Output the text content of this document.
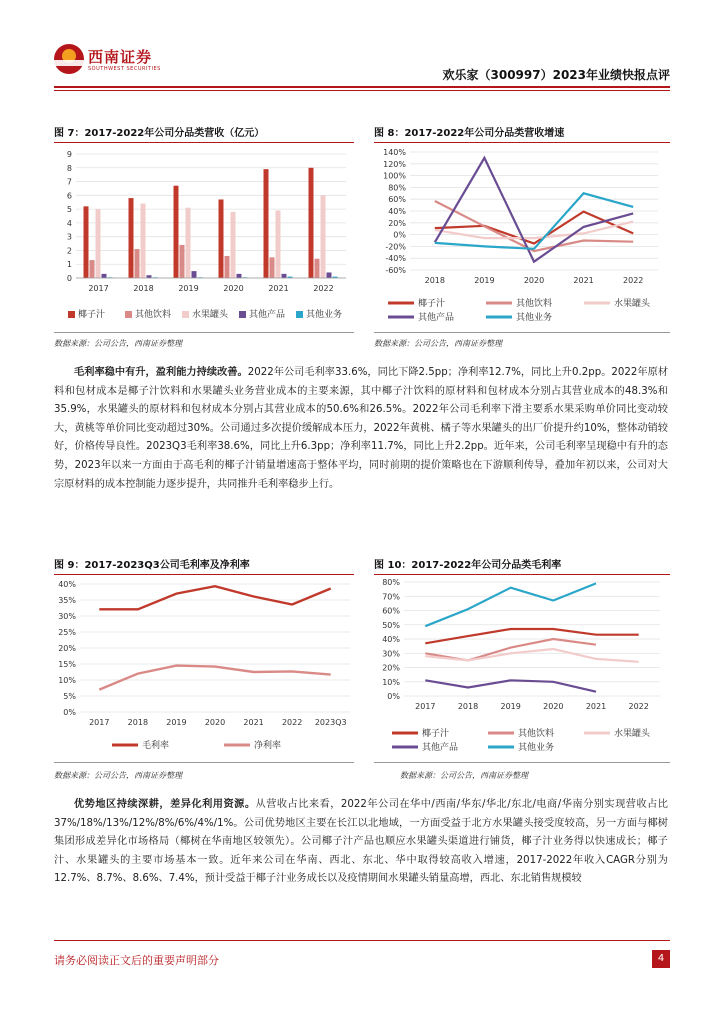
西南证券
SOUTHWEST SECURITIES	欢乐家（300997）2023年业绩快报点评
图 7：2017-2022年公司分品类营收（亿元）
0
1
2
3
4
5
6
7
8
9
2017	2018	2019	2020	2021	2022
椰子汁	其他饮料 水果罐头 其他产品 其他业务
数据来源：公司公告，西南证券整理
图 8：2017-2022年公司分品类营收增速
-60%
-40%
-20%
0%
20%
40%
60%
80%
100%
120%
140%
2018	2019	2020	2021	2022
椰子汁	其他饮料	水果罐头
其他产品	其他业务
数据来源：公司公告，西南证券整理
毛利率稳中有升，盈利能力持续改善。2022年公司毛利率33.6%，同比下降2.5pp；净利率12.7%，同比上升0.2pp。2022年原材料和包材成本是椰子汁饮料和水果罐头业务营业成本的主要来源，其中椰子汁饮料的原材料和包材成本分别占其营业成本的48.3%和35.9%，水果罐头的原材料和包材成本分别占其营业成本的50.6%和26.5%。2022年公司毛利率下滑主要系水果采购单价同比变动较大，黄桃等单价同比变动超过30%。公司通过多次提价缓解成本压力，2022年黄桃、橘子等水果罐头的出厂价提升约10%，整体动销较好，价格传导良性。2023Q3毛利率38.6%，同比上升6.3pp；净利率11.7%，同比上升2.2pp。近年来，公司毛利率呈现稳中有升的态势，2023年以来一方面由于高毛利的椰子汁销量增速高于整体平均，同时前期的提价策略也在下游顺利传导，叠加年初以来，公司对大宗原材料的成本控制能力逐步提升，共同推升毛利率稳步上行。
图 9：2017-2023Q3公司毛利率及净利率
0%
5%
10%
15%
20%
25%
30%
35%
40%
2017 2018 2019 2020 2021 2022 2023Q3
毛利率	净利率
数据来源：公司公告，西南证券整理
图 10：2017-2022年公司分品类毛利率
0%
10%
20%
30%
40%
50%
60%
70%
80%
2017	2018	2019	2020	2021	2022
椰子汁	其他饮料	水果罐头
其他产品	其他业务
数据来源：公司公告，西南证券整理
优势地区持续深耕，差异化利用资源。从营收占比来看，2022年公司在华中/西南/华东/华北/东北/电商/华南分别实现营收占比37%/18%/13%/12%/8%/6%/4%/1%。公司优势地区主要在长江以北地域，一方面受益于北方水果罐头接受度较高，另一方面与椰树集团形成差异化市场格局（椰树在华南地区较领先）。公司椰子汁产品也顺应水果罐头渠道进行铺货，椰子汁业务得以快速成长；椰子汁、水果罐头的主要市场基本一致。近年来公司在华南、西北、东北、华中取得较高收入增速，2017-2022年收入CAGR分别为12.7%、8.7%、8.6%、7.4%，预计受益于椰子汁业务成长以及疫情期间水果罐头销量高增，西北、东北销售规模较
请务必阅读正文后的重要声明部分	4
